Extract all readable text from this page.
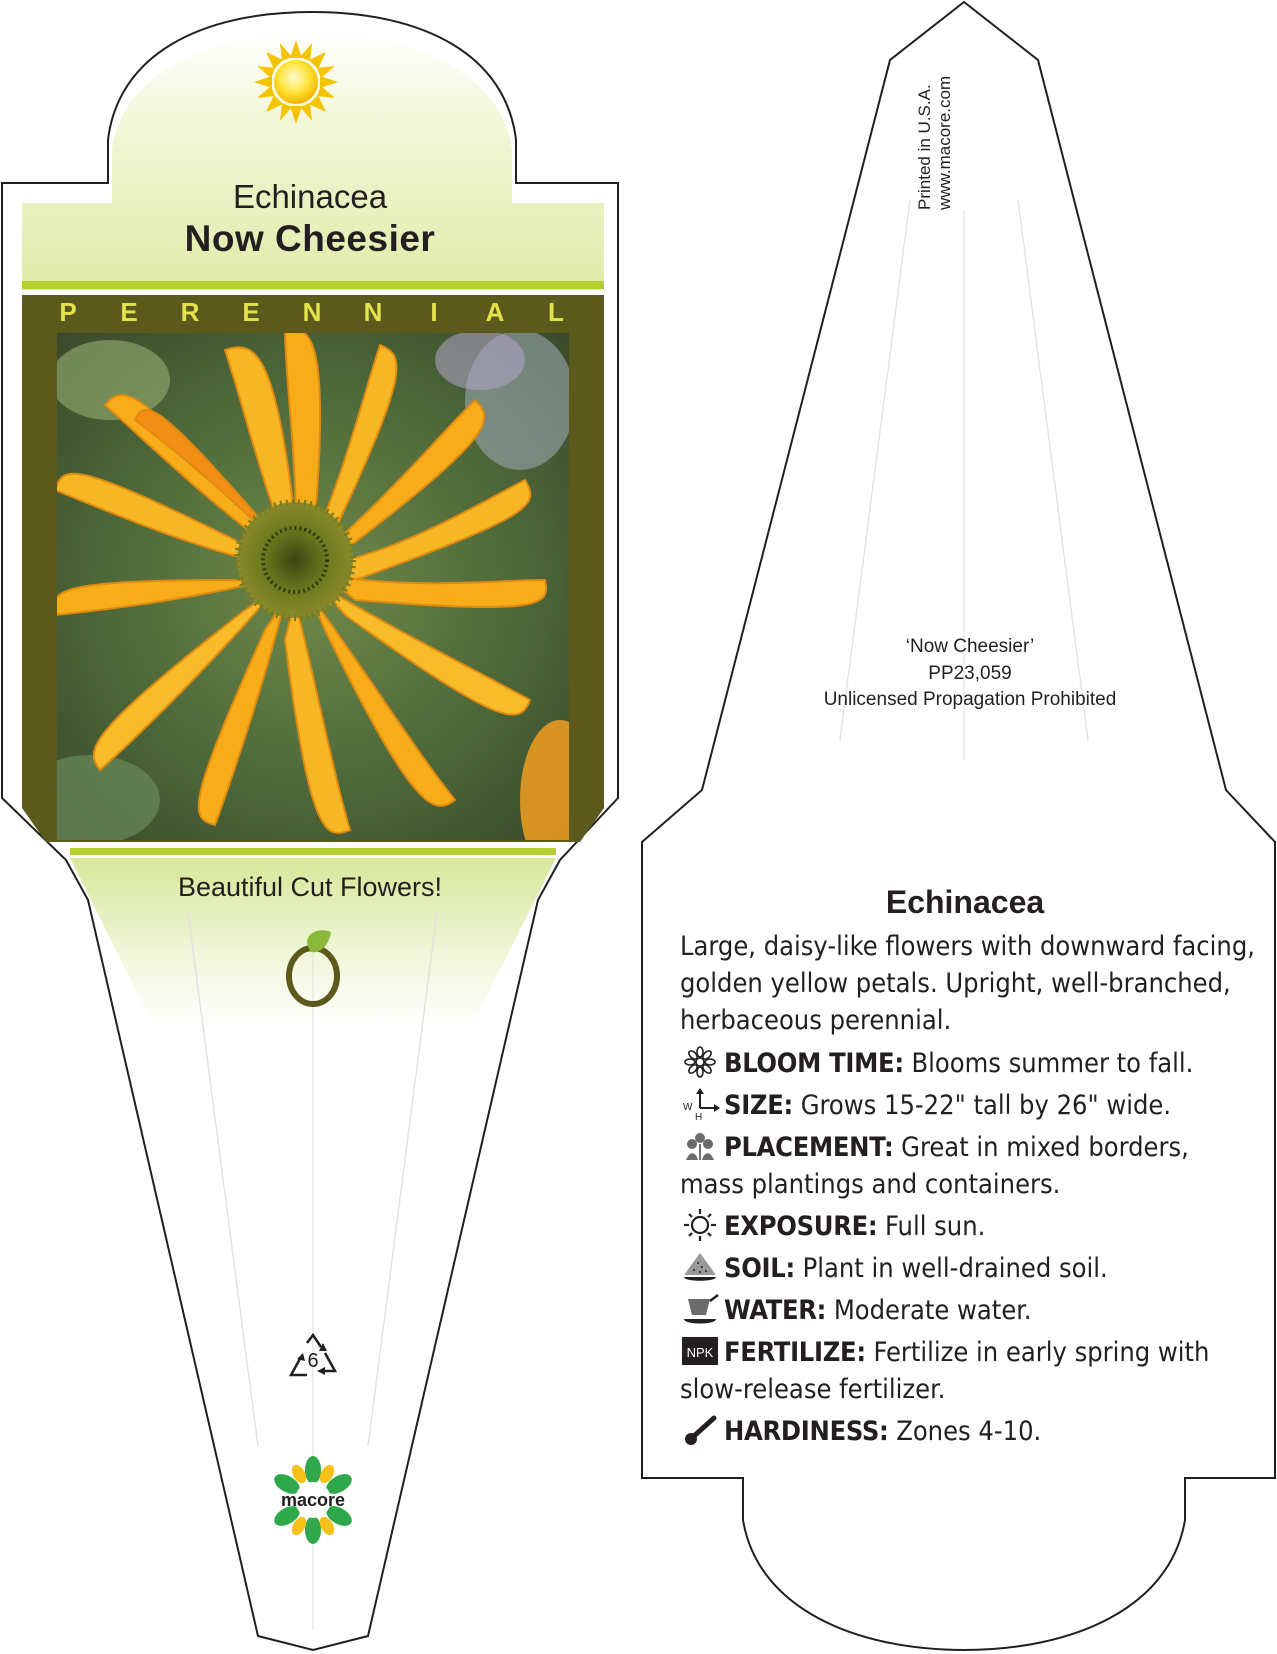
Echinacea
Now Cheesier
P E R E N N I A L
Beautiful Cut Flowers!
6
macore
Printed in U.S.A. www.macore.com
‘Now Cheesier’
PP23,059
Unlicensed Propagation Prohibited
Echinacea
Large, daisy-like flowers with downward facing, golden yellow petals. Upright, well-branched, herbaceous perennial.
BLOOM TIME: Blooms summer to fall.
W
H SIZE: Grows 15-22" tall by 26" wide.
PLACEMENT: Great in mixed borders, mass plantings and containers.
EXPOSURE: Full sun.
SOIL: Plant in well-drained soil.
WATER: Moderate water.
NPK FERTILIZE: Fertilize in early spring with slow-release fertilizer.
HARDINESS: Zones 4-10.
